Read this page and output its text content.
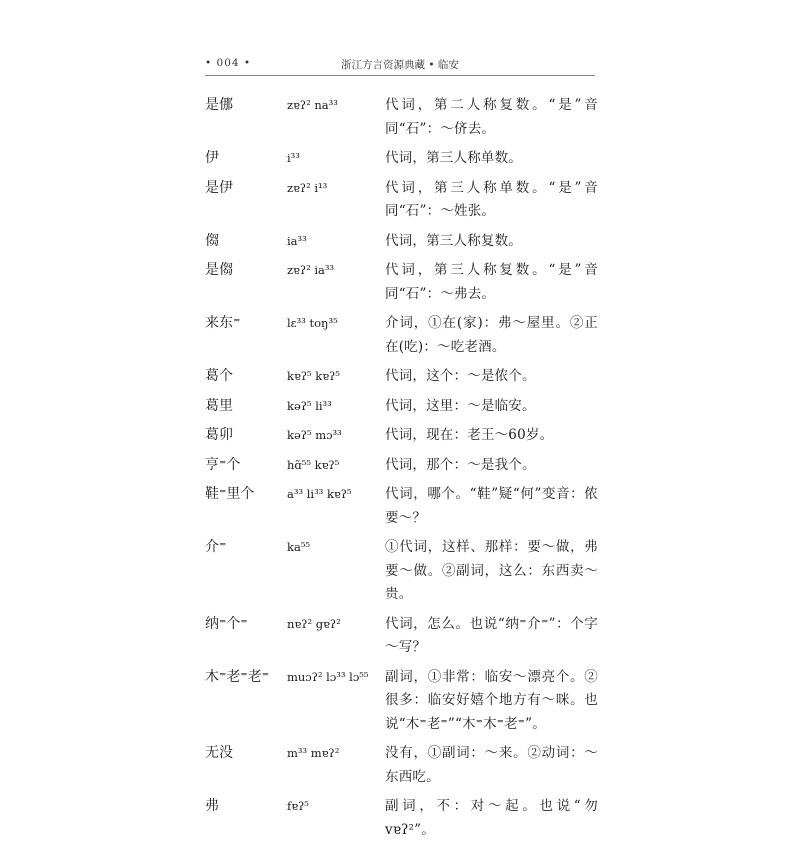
• 004 •	浙江方言资源典藏 • 临安
是㑚	zɐʔ² na³³	代词，第二人称复数。“是”音同“石”：～侪去。
伊	i³³	代词，第三人称单数。
是伊	zɐʔ² i¹³	代词，第三人称单数。“是”音同“石”：～姓张。
㑳	ia³³	代词，第三人称复数。
是㑳	zɐʔ² ia³³	代词，第三人称复数。“是”音同“石”：～弗去。
来东⁼	lɛ³³ toŋ³⁵	介词，①在(家)：弗～屋里。②正在(吃)：～吃老酒。
葛个	kɐʔ⁵ kɐʔ⁵	代词，这个：～是侬个。
葛里	kəʔ⁵ li³³	代词，这里：～是临安。
葛卯	kəʔ⁵ mɔ³³	代词，现在：老王～60岁。
亨⁼个	hɑ̃⁵⁵ kɐʔ⁵	代词，那个：～是我个。
鞋⁼里个	a³³ li³³ kɐʔ⁵	代词，哪个。“鞋”疑“何”变音：侬要～？
介⁼	ka⁵⁵	①代词，这样、那样：要～做，弗要～做。②副词，这么：东西卖～贵。
纳⁼个⁼	nɐʔ² gɐʔ²	代词，怎么。也说“纳⁼介⁼”：个字～写？
木⁼老⁼老⁼	muɔʔ² lɔ³³ lɔ⁵⁵	副词，①非常：临安～漂亮个。②很多：临安好嬉个地方有～咪。也说“木⁼老⁼”“木⁼木⁼老⁼”。
无没	m³³ mɐʔ²	没有，①副词：～来。②动词：～东西吃。
弗	fɐʔ⁵	副词，不：对～起。也说“勿 vɐʔ²”。
